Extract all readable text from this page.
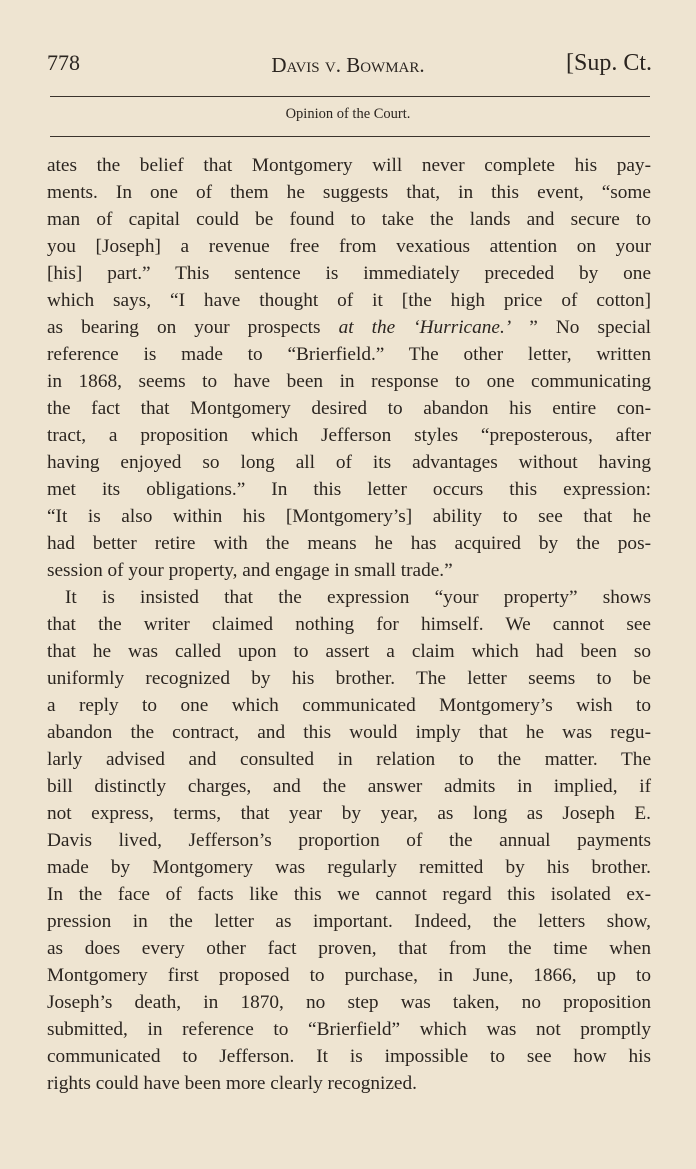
778	Davis v. Bowmar.	[Sup. Ct.
Opinion of the Court.
ates the belief that Montgomery will never complete his pay-
ments. In one of them he suggests that, in this event, “some
man of capital could be found to take the lands and secure to
you [Joseph] a revenue free from vexatious attention on your
[his] part.” This sentence is immediately preceded by one
which says, “I have thought of it [the high price of cotton]
as bearing on your prospects at the ‘Hurricane.’ ” No special
reference is made to “Brierfield.” The other letter, written
in 1868, seems to have been in response to one communicating
the fact that Montgomery desired to abandon his entire con-
tract, a proposition which Jefferson styles “preposterous, after
having enjoyed so long all of its advantages without having
met its obligations.” In this letter occurs this expression:
“It is also within his [Montgomery’s] ability to see that he
had better retire with the means he has acquired by the pos-
session of your property, and engage in small trade.”
It is insisted that the expression “your property” shows
that the writer claimed nothing for himself. We cannot see
that he was called upon to assert a claim which had been so
uniformly recognized by his brother. The letter seems to be
a reply to one which communicated Montgomery’s wish to
abandon the contract, and this would imply that he was regu-
larly advised and consulted in relation to the matter. The
bill distinctly charges, and the answer admits in implied, if
not express, terms, that year by year, as long as Joseph E.
Davis lived, Jefferson’s proportion of the annual payments
made by Montgomery was regularly remitted by his brother.
In the face of facts like this we cannot regard this isolated ex-
pression in the letter as important. Indeed, the letters show,
as does every other fact proven, that from the time when
Montgomery first proposed to purchase, in June, 1866, up to
Joseph’s death, in 1870, no step was taken, no proposition
submitted, in reference to “Brierfield” which was not promptly
communicated to Jefferson. It is impossible to see how his
rights could have been more clearly recognized.
